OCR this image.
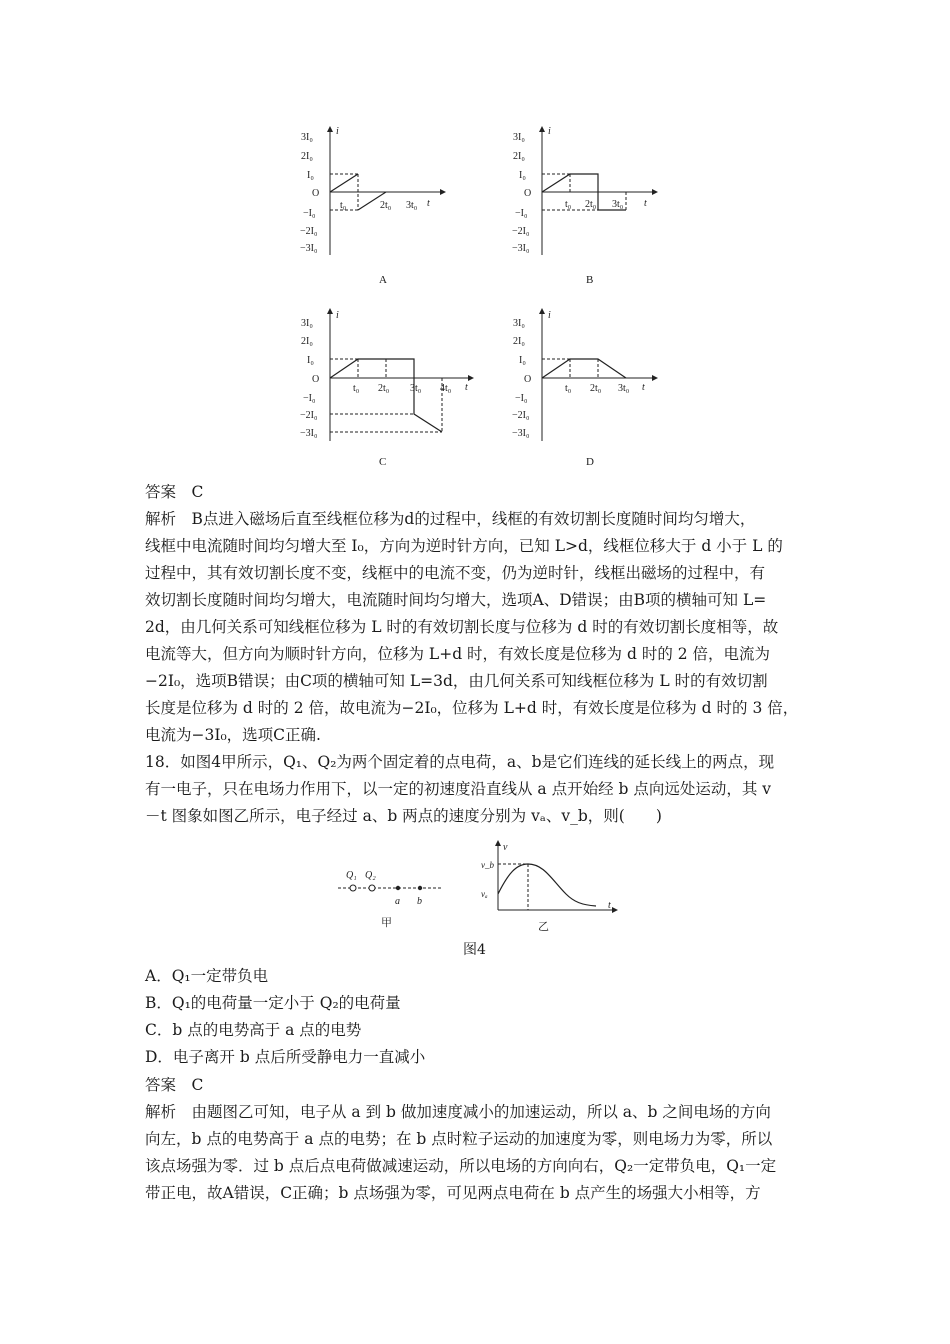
3I₀
2I₀
I₀
O
−I₀
−2I₀
−3I₀
t₀	2t₀ 3t₀ t
i
A
3I₀
2I₀
I₀
O
−I₀
−2I₀
−3I₀
t₀ 2t₀ 3t₀ t
i
B
3I₀
2I₀
I₀
O
−I₀
−2I₀
−3I₀
t₀ 2t₀ 3t₀ 4t₀ t
i
C
3I₀
2I₀
I₀
O
−I₀
−2I₀
−3I₀
t₀ 2t₀ 3t₀ t
i
D
答案　C
解析　B点进入磁场后直至线框位移为d的过程中，线框的有效切割长度随时间均匀增大，
线框中电流随时间均匀增大至 I₀，方向为逆时针方向，已知 L>d，线框位移大于 d 小于 L 的
过程中，其有效切割长度不变，线框中的电流不变，仍为逆时针，线框出磁场的过程中，有
效切割长度随时间均匀增大，电流随时间均匀增大，选项A、D错误；由B项的横轴可知 L=
2d，由几何关系可知线框位移为 L 时的有效切割长度与位移为 d 时的有效切割长度相等，故
电流等大，但方向为顺时针方向，位移为 L+d 时，有效长度是位移为 d 时的 2 倍，电流为
−2I₀，选项B错误；由C项的横轴可知 L=3d，由几何关系可知线框位移为 L 时的有效切割
长度是位移为 d 时的 2 倍，故电流为−2I₀，位移为 L+d 时，有效长度是位移为 d 时的 3 倍，
电流为−3I₀，选项C正确.
18．如图4甲所示，Q₁、Q₂为两个固定着的点电荷，a、b是它们连线的延长线上的两点，现
有一电子，只在电场力作用下，以一定的初速度沿直线从 a 点开始经 b 点向远处运动，其 v
－t 图象如图乙所示，电子经过 a、b 两点的速度分别为 vₐ、v_b，则(　　)
Q₁ Q₂
a b
甲
v
t
v_b
vₐ
乙
图4
A．Q₁一定带负电
B．Q₁的电荷量一定小于 Q₂的电荷量
C．b 点的电势高于 a 点的电势
D．电子离开 b 点后所受静电力一直减小
答案　C
解析　由题图乙可知，电子从 a 到 b 做加速度减小的加速运动，所以 a、b 之间电场的方向
向左，b 点的电势高于 a 点的电势；在 b 点时粒子运动的加速度为零，则电场力为零，所以
该点场强为零．过 b 点后点电荷做减速运动，所以电场的方向向右，Q₂一定带负电，Q₁一定
带正电，故A错误，C正确；b 点场强为零，可见两点电荷在 b 点产生的场强大小相等，方
